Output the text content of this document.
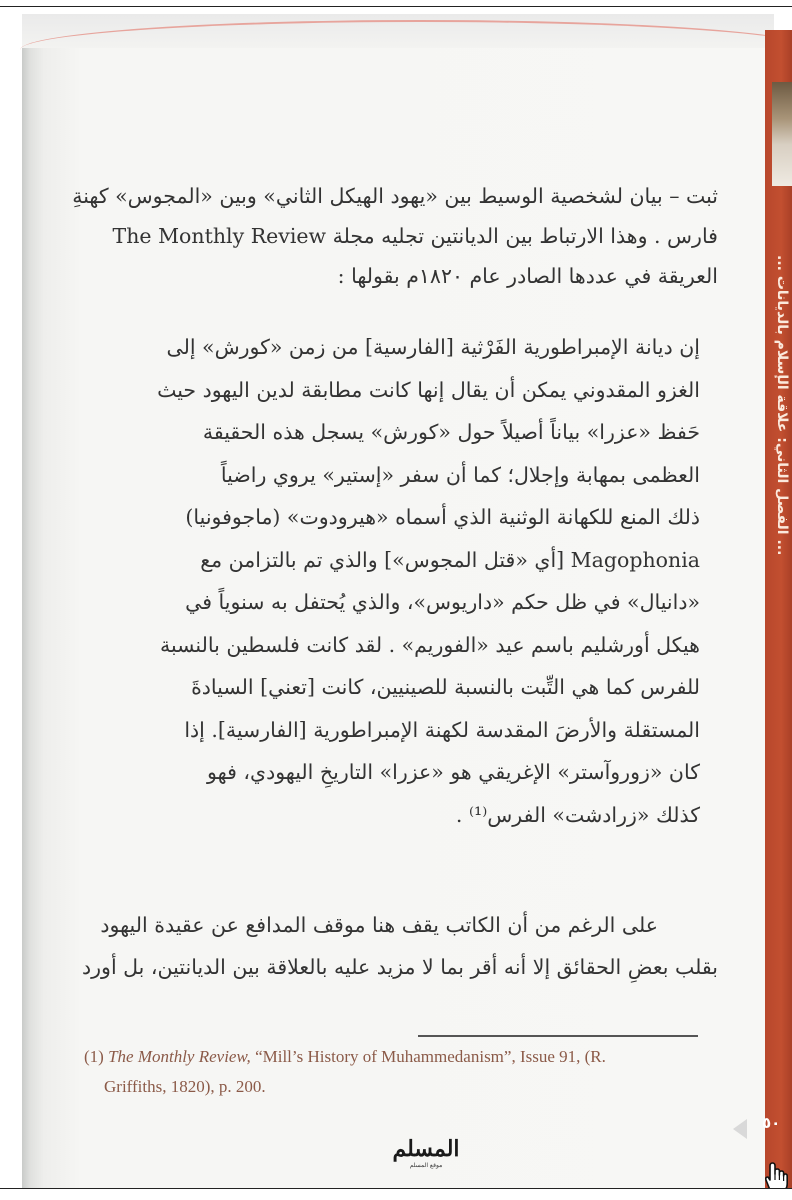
... الفصل الثاني: علاقة الإسلام بالديانات ...
٥٠
ثبت – بيان لشخصية الوسيط بين «يهود الهيكل الثاني» وبين «المجوس» كهنةِ
فارس . وهذا الارتباط بين الديانتين تجليه مجلة The Monthly Review
العريقة في عددها الصادر عام ١٨٢٠م بقولها :
إن ديانة الإمبراطورية الفَرْثية [الفارسية] من زمن «كورش» إلى
الغزو المقدوني يمكن أن يقال إنها كانت مطابقة لدين اليهود حيث
حَفظ «عزرا» بياناً أصيلاً حول «كورش» يسجل هذه الحقيقة
العظمى بمهابة وإجلال؛ كما أن سفر «إستير» يروي راضياً
ذلك المنع للكهانة الوثنية الذي أسماه «هيرودوت» (ماجوفونيا)
Magophonia [أي «قتل المجوس»] والذي تم بالتزامن مع
«دانيال» في ظل حكم «داريوس»، والذي يُحتفل به سنوياً في
هيكل أورشليم باسم عيد «الفوريم» . لقد كانت فلسطين بالنسبة
للفرس كما هي التِّبت بالنسبة للصينيين، كانت [تعني] السيادةَ
المستقلة والأرضَ المقدسة لكهنة الإمبراطورية [الفارسية]. إذا
كان «زوروآستر» الإغريقي هو «عزرا» التاريخِ اليهودي، فهو
كذلك «زرادشت» الفرس⁽¹⁾ .
على الرغم من أن الكاتب يقف هنا موقف المدافع عن عقيدة اليهود
بقلب بعضِ الحقائق إلا أنه أقر بما لا مزيد عليه بالعلاقة بين الديانتين، بل أورد
(1) The Monthly Review, “Mill’s History of Muhammedanism”, Issue 91, (R.
Griffiths, 1820), p. 200.
المسلم
موقع المسلم
